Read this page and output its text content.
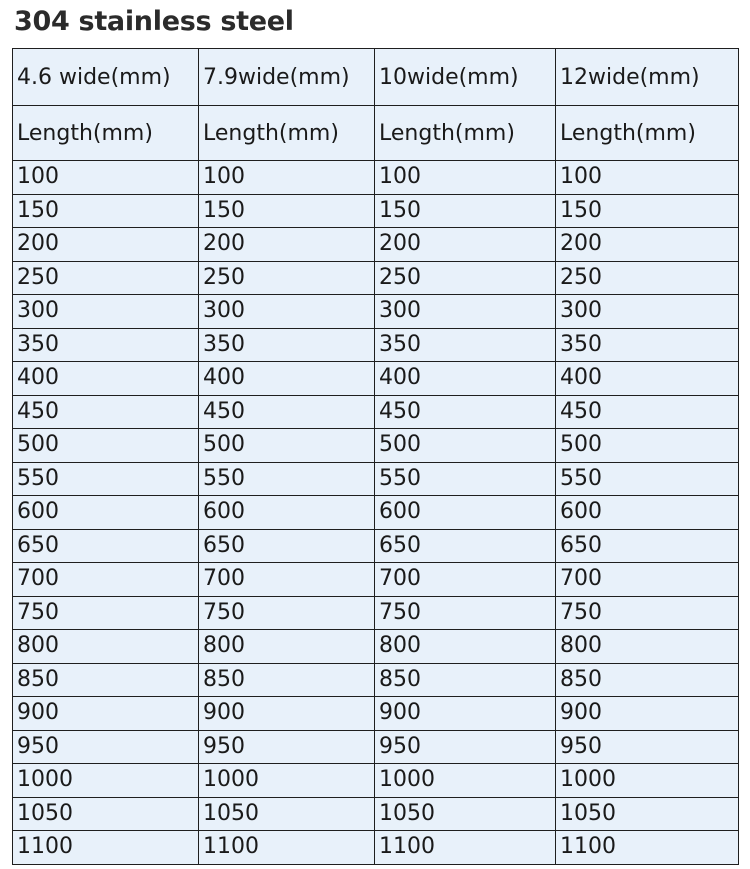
304 stainless steel
4.6 wide(mm)	7.9wide(mm)	10wide(mm)	12wide(mm)
Length(mm)	Length(mm)	Length(mm)	Length(mm)
100	100	100	100
150	150	150	150
200	200	200	200
250	250	250	250
300	300	300	300
350	350	350	350
400	400	400	400
450	450	450	450
500	500	500	500
550	550	550	550
600	600	600	600
650	650	650	650
700	700	700	700
750	750	750	750
800	800	800	800
850	850	850	850
900	900	900	900
950	950	950	950
1000	1000	1000	1000
1050	1050	1050	1050
1100	1100	1100	1100
